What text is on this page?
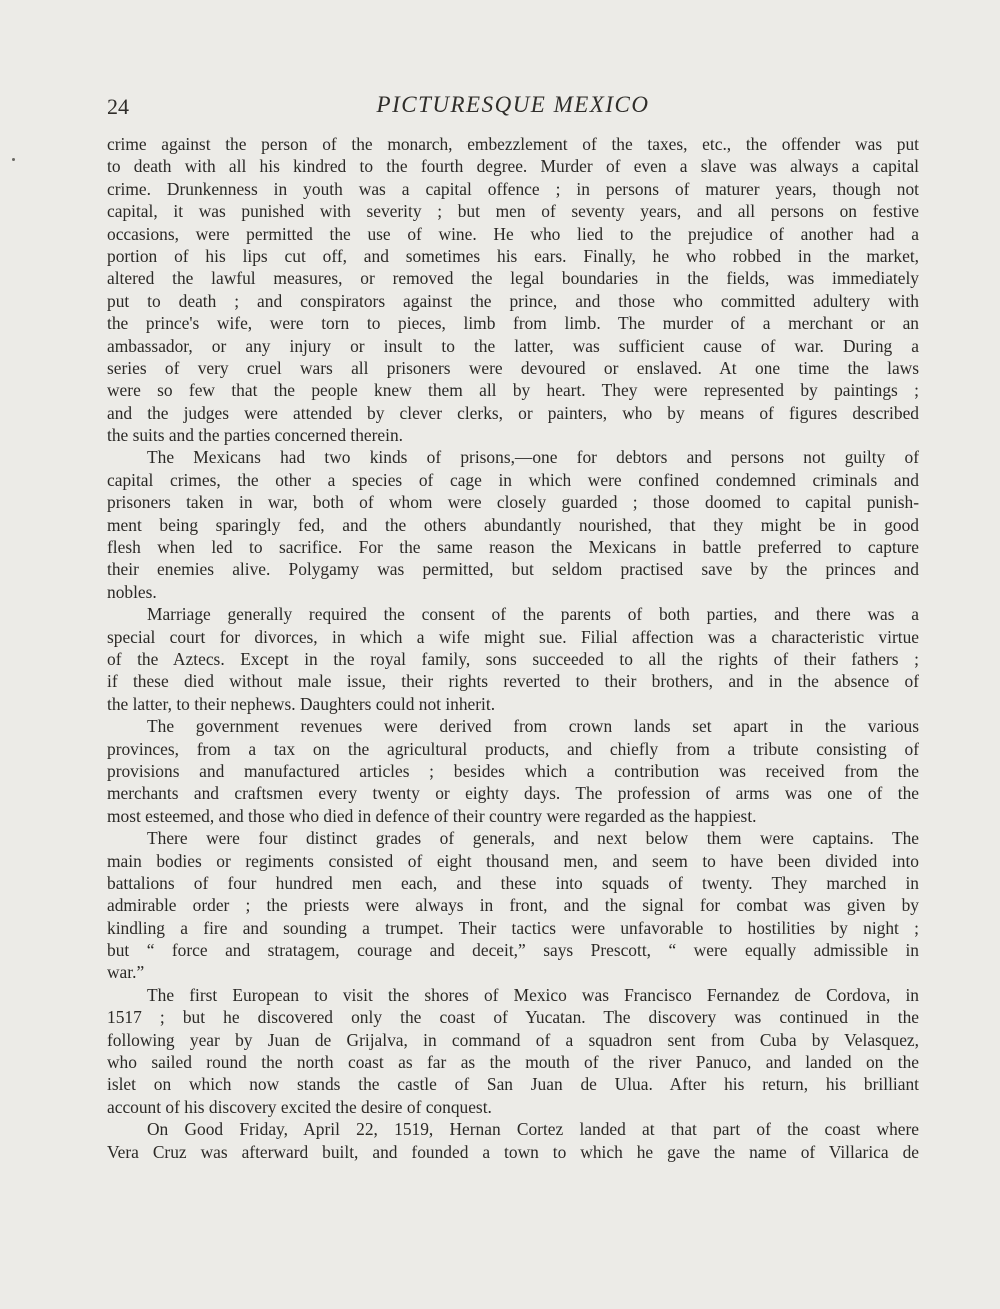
24	PICTURESQUE MEXICO
crime against the person of the monarch, embezzlement of the taxes, etc., the offender was put
to death with all his kindred to the fourth degree. Murder of even a slave was always a capital
crime. Drunkenness in youth was a capital offence ; in persons of maturer years, though not
capital, it was punished with severity ; but men of seventy years, and all persons on festive
occasions, were permitted the use of wine. He who lied to the prejudice of another had a
portion of his lips cut off, and sometimes his ears. Finally, he who robbed in the market,
altered the lawful measures, or removed the legal boundaries in the fields, was immediately
put to death ; and conspirators against the prince, and those who committed adultery with
the prince's wife, were torn to pieces, limb from limb. The murder of a merchant or an
ambassador, or any injury or insult to the latter, was sufficient cause of war. During a
series of very cruel wars all prisoners were devoured or enslaved. At one time the laws
were so few that the people knew them all by heart. They were represented by paintings ;
and the judges were attended by clever clerks, or painters, who by means of figures described
the suits and the parties concerned therein.
The Mexicans had two kinds of prisons,—one for debtors and persons not guilty of
capital crimes, the other a species of cage in which were confined condemned criminals and
prisoners taken in war, both of whom were closely guarded ; those doomed to capital punish-
ment being sparingly fed, and the others abundantly nourished, that they might be in good
flesh when led to sacrifice. For the same reason the Mexicans in battle preferred to capture
their enemies alive. Polygamy was permitted, but seldom practised save by the princes and
nobles.
Marriage generally required the consent of the parents of both parties, and there was a
special court for divorces, in which a wife might sue. Filial affection was a characteristic virtue
of the Aztecs. Except in the royal family, sons succeeded to all the rights of their fathers ;
if these died without male issue, their rights reverted to their brothers, and in the absence of
the latter, to their nephews. Daughters could not inherit.
The government revenues were derived from crown lands set apart in the various
provinces, from a tax on the agricultural products, and chiefly from a tribute consisting of
provisions and manufactured articles ; besides which a contribution was received from the
merchants and craftsmen every twenty or eighty days. The profession of arms was one of the
most esteemed, and those who died in defence of their country were regarded as the happiest.
There were four distinct grades of generals, and next below them were captains. The
main bodies or regiments consisted of eight thousand men, and seem to have been divided into
battalions of four hundred men each, and these into squads of twenty. They marched in
admirable order ; the priests were always in front, and the signal for combat was given by
kindling a fire and sounding a trumpet. Their tactics were unfavorable to hostilities by night ;
but “ force and stratagem, courage and deceit,” says Prescott, “ were equally admissible in
war.”
The first European to visit the shores of Mexico was Francisco Fernandez de Cordova, in
1517 ; but he discovered only the coast of Yucatan. The discovery was continued in the
following year by Juan de Grijalva, in command of a squadron sent from Cuba by Velasquez,
who sailed round the north coast as far as the mouth of the river Panuco, and landed on the
islet on which now stands the castle of San Juan de Ulua. After his return, his brilliant
account of his discovery excited the desire of conquest.
On Good Friday, April 22, 1519, Hernan Cortez landed at that part of the coast where
Vera Cruz was afterward built, and founded a town to which he gave the name of Villarica de
